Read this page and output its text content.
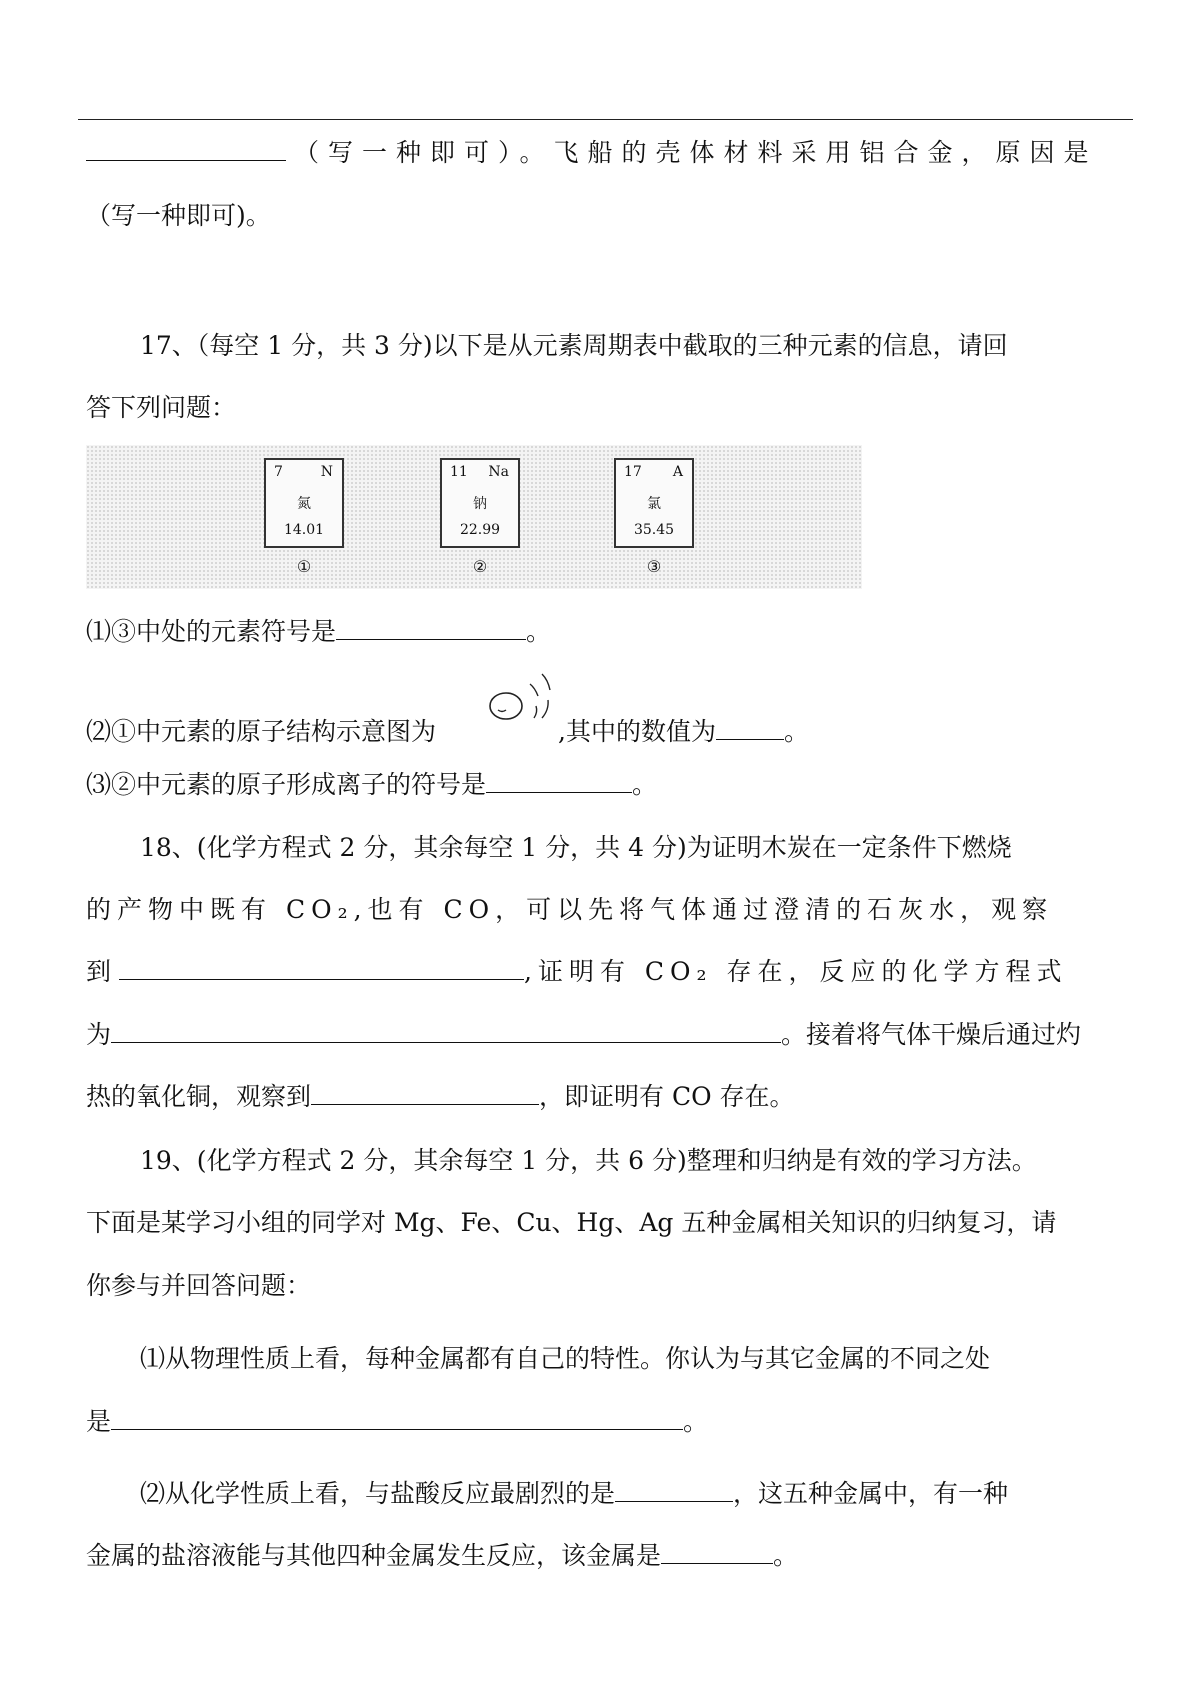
（写一种即可）。飞船的壳体材料采用铝合金，原因是
（写一种即可)。
17、（每空 1 分，共 3 分)以下是从元素周期表中截取的三种元素的信息，请回
答下列问题：
7	N
氮
14.01
①
11 Na
钠
22.99
②
17 A
氯
35.45
③
⑴③中处的元素符号是	。
⑵①中元素的原子结构示意图为	,其中的数值为	。
⑶②中元素的原子形成离子的符号是	。
18、(化学方程式 2 分，其余每空 1 分，共 4 分)为证明木炭在一定条件下燃烧
的产物中既有 CO₂,也有 CO，可以先将气体通过澄清的石灰水，观察
到	,证明有 CO₂ 存在，反应的化学方程式
为	。接着将气体干燥后通过灼
热的氧化铜，观察到	，即证明有 CO 存在。
19、(化学方程式 2 分，其余每空 1 分，共 6 分)整理和归纳是有效的学习方法。
下面是某学习小组的同学对 Mg、Fe、Cu、Hg、Ag 五种金属相关知识的归纳复习，请
你参与并回答问题：
⑴从物理性质上看，每种金属都有自己的特性。你认为与其它金属的不同之处
是	。
⑵从化学性质上看，与盐酸反应最剧烈的是	，这五种金属中，有一种
金属的盐溶液能与其他四种金属发生反应，该金属是	。
